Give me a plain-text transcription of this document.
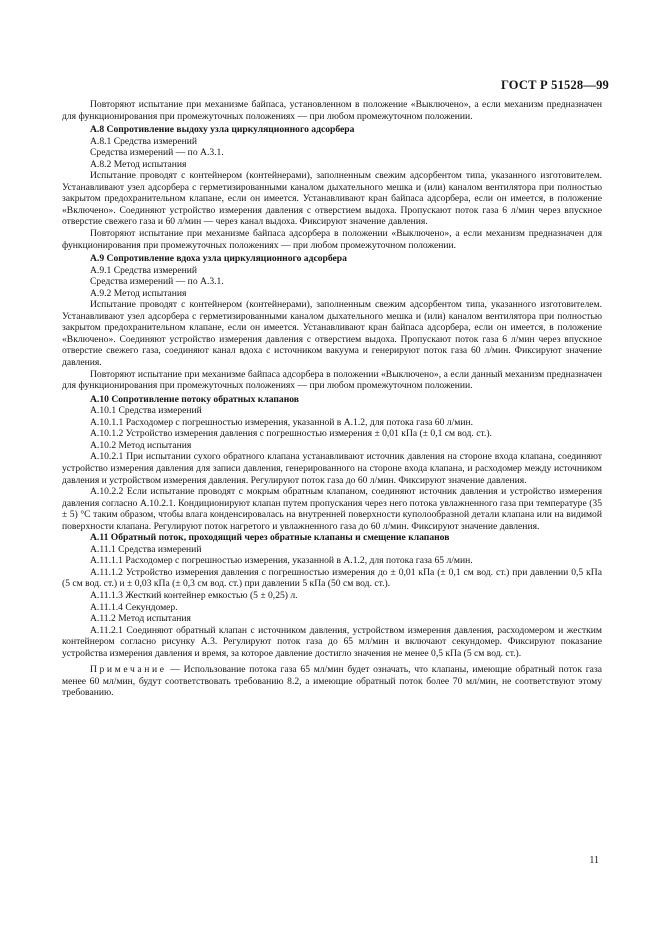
ГОСТ Р 51528—99
Повторяют испытание при механизме байпаса, установленном в положение «Выключено», а если механизм предназначен для функционирования при промежуточных положениях — при любом промежуточном положении.
А.8 Сопротивление выдоху узла циркуляционного адсорбера
А.8.1 Средства измерений
Средства измерений — по А.3.1.
А.8.2 Метод испытания
Испытание проводят с контейнером (контейнерами), заполненным свежим адсорбентом типа, указанного изготовителем. Устанавливают узел адсорбера с герметизированными каналом дыхательного мешка и (или) каналом вентилятора при полностью закрытом предохранительном клапане, если он имеется. Устанавливают кран байпаса адсорбера, если он имеется, в положение «Включено». Соединяют устройство измерения давления с отверстием выдоха. Пропускают поток газа 6 л/мин через впускное отверстие свежего газа и 60 л/мин — через канал выдоха. Фиксируют значение давления.
Повторяют испытание при механизме байпаса адсорбера в положении «Выключено», а если механизм предназначен для функционирования при промежуточных положениях — при любом промежуточном положении.
А.9 Сопротивление вдоха узла циркуляционного адсорбера
А.9.1 Средства измерений
Средства измерений — по А.3.1.
А.9.2 Метод испытания
Испытание проводят с контейнером (контейнерами), заполненным свежим адсорбентом типа, указанного изготовителем. Устанавливают узел адсорбера с герметизированными каналом дыхательного мешка и (или) каналом вентилятора при полностью закрытом предохранительном клапане, если он имеется. Устанавливают кран байпаса адсорбера, если он имеется, в положение «Включено». Соединяют устройство измерения давления с отверстием выдоха. Пропускают поток газа 6 л/мин через впускное отверстие свежего газа, соединяют канал вдоха с источником вакуума и генерируют поток газа 60 л/мин. Фиксируют значение давления.
Повторяют испытание при механизме байпаса адсорбера в положении «Выключено», а если данный механизм предназначен для функционирования при промежуточных положениях — при любом промежуточном положении.
А.10 Сопротивление потоку обратных клапанов
А.10.1 Средства измерений
А.10.1.1 Расходомер с погрешностью измерения, указанной в А.1.2, для потока газа 60 л/мин.
А.10.1.2 Устройство измерения давления с погрешностью измерения ± 0,01 кПа (± 0,1 см вод. ст.).
А.10.2 Метод испытания
А.10.2.1 При испытании сухого обратного клапана устанавливают источник давления на стороне входа клапана, соединяют устройство измерения давления для записи давления, генерированного на стороне входа клапана, и расходомер между источником давления и устройством измерения давления. Регулируют поток газа до 60 л/мин. Фиксируют значение давления.
А.10.2.2 Если испытание проводят с мокрым обратным клапаном, соединяют источник давления и устройство измерения давления согласно А.10.2.1. Кондиционируют клапан путем пропускания через него потока увлажненного газа при температуре (35 ± 5) °С таким образом, чтобы влага конденсировалась на внутренней поверхности куполообразной детали клапана или на видимой поверхности клапана. Регулируют поток нагретого и увлажненного газа до 60 л/мин. Фиксируют значение давления.
А.11 Обратный поток, проходящий через обратные клапаны и смещение клапанов
А.11.1 Средства измерений
А.11.1.1 Расходомер с погрешностью измерения, указанной в А.1.2, для потока газа 65 л/мин.
А.11.1.2 Устройство измерения давления с погрешностью измерения до ± 0,01 кПа (± 0,1 см вод. ст.) при давлении 0,5 кПа (5 см вод. ст.) и ± 0,03 кПа (± 0,3 см вод. ст.) при давлении 5 кПа (50 см вод. ст.).
А.11.1.3 Жесткий контейнер емкостью (5 ± 0,25) л.
А.11.1.4 Секундомер.
А.11.2 Метод испытания
А.11.2.1 Соединяют обратный клапан с источником давления, устройством измерения давления, расходомером и жестким контейнером согласно рисунку А.3. Регулируют поток газа до 65 мл/мин и включают секундомер. Фиксируют показание устройства измерения давления и время, за которое давление достигло значения не менее 0,5 кПа (5 см вод. ст.).
Примечание — Использование потока газа 65 мл/мин будет означать, что клапаны, имеющие обратный поток газа менее 60 мл/мин, будут соответствовать требованию 8.2, а имеющие обратный поток более 70 мл/мин, не соответствуют этому требованию.
11
